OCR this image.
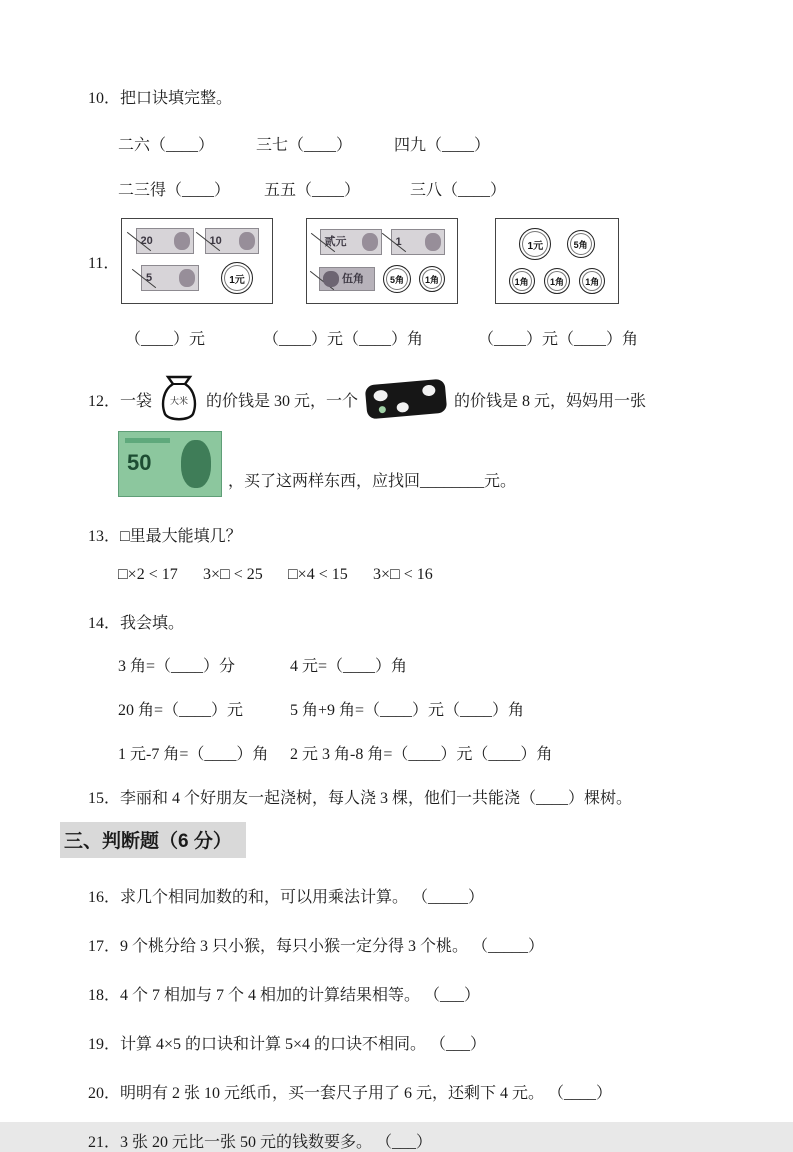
10．把口诀填完整。
二六（____）	三七（____）	四九（____）
二三得（____）	五五（____）	三八（____）
11．
20	10
5	1元
贰元	1
伍角	5角	1角
1元	5角
1角	1角	1角
（____）元	（____）元（____）角	（____）元（____）角
12．一袋 大米 的价钱是 30 元，一个	的价钱是 8 元，妈妈用一张
50
，买了这两样东西，应找回________元。
13．□里最大能填几？
□×2 < 17	3×□ < 25	□×4 < 15	3×□ < 16
14．我会填。
3 角=（____）分	4 元=（____）角
20 角=（____）元	5 角+9 角=（____）元（____）角
1 元-7 角=（____）角	2 元 3 角-8 角=（____）元（____）角
15．李丽和 4 个好朋友一起浇树，每人浇 3 棵，他们一共能浇（____）棵树。
三、判断题（6 分）
16．求几个相同加数的和，可以用乘法计算。 （_____）
17．9 个桃分给 3 只小猴，每只小猴一定分得 3 个桃。 （_____）
18．4 个 7 相加与 7 个 4 相加的计算结果相等。 （___）
19．计算 4×5 的口诀和计算 5×4 的口诀不相同。 （___）
20．明明有 2 张 10 元纸币，买一套尺子用了 6 元，还剩下 4 元。 （____）
21．3 张 20 元比一张 50 元的钱数要多。 （___）
